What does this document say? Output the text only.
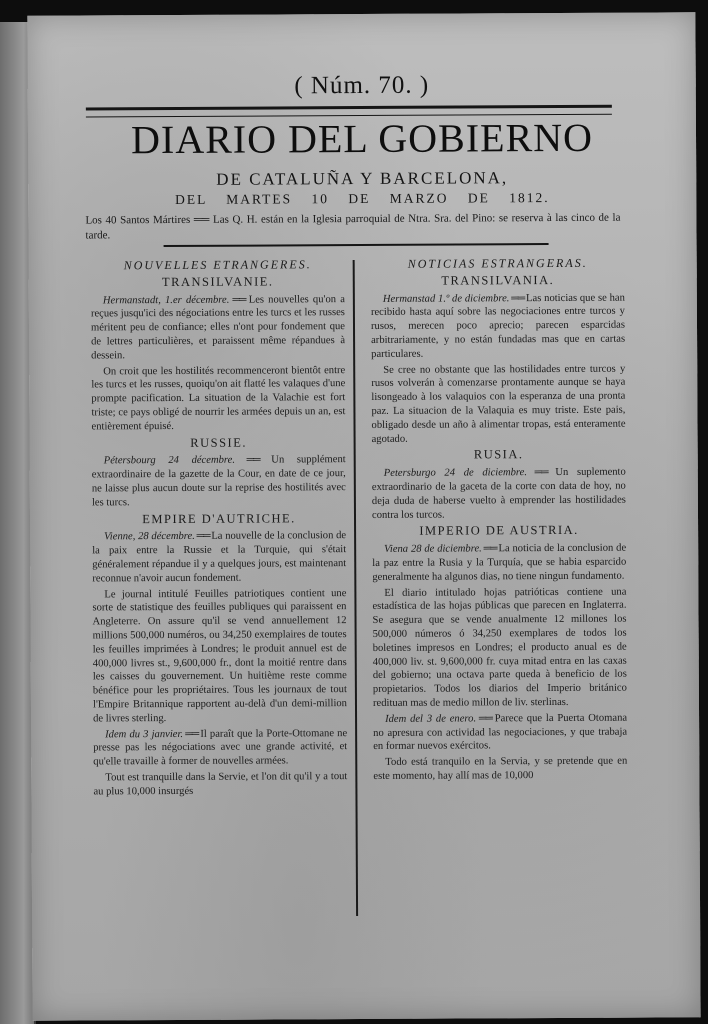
( Núm. 70. )
DIARIO DEL GOBIERNO
DE CATALUÑA Y BARCELONA,
DEL MARTES 10 DE MARZO DE 1812.
Los 40 Santos Mártires ══ Las Q. H. están en la Iglesia parroquial de Ntra. Sra. del Pino: se reserva à las cinco de la tarde.
NOUVELLES ETRANGERES.
TRANSILVANIE.

Hermanstadt, 1.er décembre. ══ Les nouvelles qu'on a reçues jusqu'ici des négociations entre les turcs et les russes méritent peu de confiance; elles n'ont pour fondement que de lettres particulières, et paraissent même répandues à dessein.

On croit que les hostilités recommenceront bientôt entre les turcs et les russes, quoiqu'on ait flatté les valaques d'une prompte pacification. La situation de la Valachie est fort triste; ce pays obligé de nourrir les armées depuis un an, est entièrement épuisé.

RUSSIE.

Pétersbourg 24 décembre. ══ Un supplément extraordinaire de la gazette de la Cour, en date de ce jour, ne laisse plus aucun doute sur la reprise des hostilités avec les turcs.

EMPIRE D'AUTRICHE.

Vienne, 28 décembre. ══ La nouvelle de la conclusion de la paix entre la Russie et la Turquie, qui s'était généralement répandue il y a quelques jours, est maintenant reconnue n'avoir aucun fondement.

Le journal intitulé Feuilles patriotiques contient une sorte de statistique des feuilles publiques qui paraissent en Angleterre. On assure qu'il se vend annuellement 12 millions 500,000 numéros, ou 34,250 exemplaires de toutes les feuilles imprimées à Londres; le produit annuel est de 400,000 livres st., 9,600,000 fr., dont la moitié rentre dans les caisses du gouvernement. Un huitième reste comme bénéfice pour les propriétaires. Tous les journaux de tout l'Empire Britannique rapportent au-delà d'un demi-million de livres sterling.

Idem du 3 janvier. ══ Il paraît que la Porte-Ottomane ne presse pas les négociations avec une grande activité, et qu'elle travaille à former de nouvelles armées.

Tout est tranquille dans la Servie, et l'on dit qu'il y a tout au plus 10,000 insurgés

NOTICIAS ESTRANGERAS.
TRANSILVANIA.

Hermanstad 1.º de diciembre. ══ Las noticias que se han recibido hasta aquí sobre las negociaciones entre turcos y rusos, merecen poco aprecio; parecen esparcidas arbitrariamente, y no están fundadas mas que en cartas particulares.

Se cree no obstante que las hostilidades entre turcos y rusos volverán à comenzarse prontamente aunque se haya lisongeado à los valaquios con la esperanza de una pronta paz. La situacion de la Valaquia es muy triste. Este pais, obligado desde un año à alimentar tropas, está enteramente agotado.

RUSIA.

Petersburgo 24 de diciembre. ══ Un suplemento extraordinario de la gaceta de la corte con data de hoy, no deja duda de haberse vuelto à emprender las hostilidades contra los turcos.

IMPERIO DE AUSTRIA.

Viena 28 de diciembre. ══ La noticia de la conclusion de la paz entre la Rusia y la Turquía, que se habia esparcido generalmente ha algunos dias, no tiene ningun fundamento.

El diario intitulado hojas patrióticas contiene una estadística de las hojas públicas que parecen en Inglaterra. Se asegura que se vende anualmente 12 millones los 500,000 números ó 34,250 exemplares de todos los boletines impresos en Londres; el producto anual es de 400,000 liv. st. 9,600,000 fr. cuya mitad entra en las caxas del gobierno; una octava parte queda à beneficio de los propietarios. Todos los diarios del Imperio británico redituan mas de medio millon de liv. sterlinas.

Idem del 3 de enero. ══ Parece que la Puerta Otomana no apresura con actividad las negociaciones, y que trabaja en formar nuevos exércitos.

Todo está tranquilo en la Servia, y se pretende que en este momento, hay allí mas de 10,000
